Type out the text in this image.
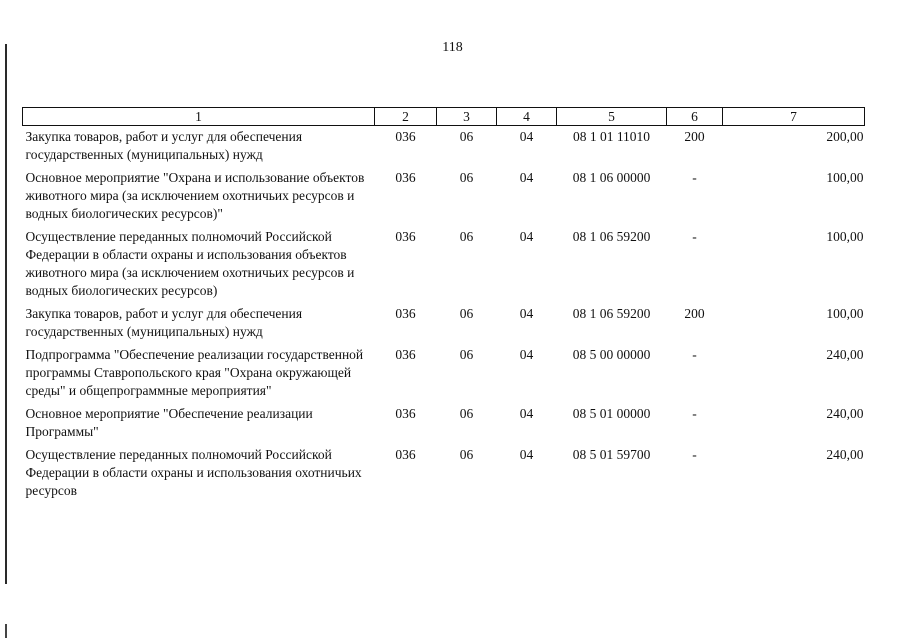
118
1	2	3	4	5	6	7
Закупка товаров, работ и услуг для обеспечения государственных (муниципальных) нужд	036	06	04	08 1 01 11010	200	200,00
Основное мероприятие "Охрана и использование объектов животного мира (за исключением охотничьих ресурсов и водных биологических ресурсов)"	036	06	04	08 1 06 00000	-	100,00
Осуществление переданных полномочий Российской Федерации в области охраны и использования объектов животного мира (за исключением охотничьих ресурсов и водных биологических ресурсов)	036	06	04	08 1 06 59200	-	100,00
Закупка товаров, работ и услуг для обеспечения государственных (муниципальных) нужд	036	06	04	08 1 06 59200	200	100,00
Подпрограмма "Обеспечение реализации государственной программы Ставропольского края "Охрана окружающей среды" и общепрограммные мероприятия"	036	06	04	08 5 00 00000	-	240,00
Основное мероприятие "Обеспечение реализации Программы"	036	06	04	08 5 01 00000	-	240,00
Осуществление переданных полномочий Российской Федерации в области охраны и использования охотничьих ресурсов	036	06	04	08 5 01 59700	-	240,00
